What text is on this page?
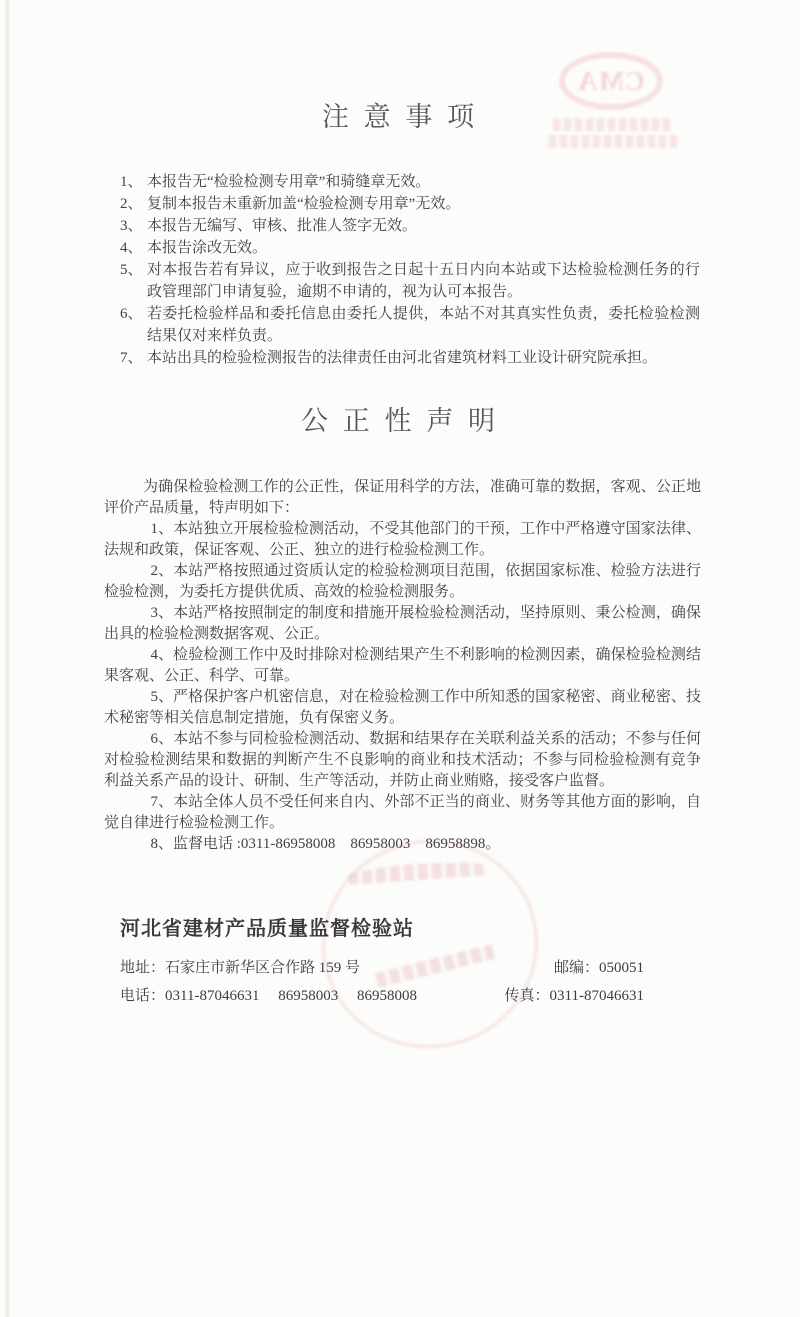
CMA
注 意 事 项
1、 本报告无“检验检测专用章”和骑缝章无效。
2、 复制本报告未重新加盖“检验检测专用章”无效。
3、 本报告无编写、审核、批准人签字无效。
4、 本报告涂改无效。
5、 对本报告若有异议，应于收到报告之日起十五日内向本站或下达检验检测任务的行政管理部门申请复验，逾期不申请的，视为认可本报告。
6、 若委托检验样品和委托信息由委托人提供，本站不对其真实性负责，委托检验检测结果仅对来样负责。
7、 本站出具的检验检测报告的法律责任由河北省建筑材料工业设计研究院承担。
公 正 性 声 明

为确保检验检测工作的公正性，保证用科学的方法，准确可靠的数据，客观、公正地评价产品质量，特声明如下：

1、本站独立开展检验检测活动，不受其他部门的干预，工作中严格遵守国家法律、法规和政策，保证客观、公正、独立的进行检验检测工作。

2、本站严格按照通过资质认定的检验检测项目范围，依据国家标准、检验方法进行检验检测，为委托方提供优质、高效的检验检测服务。

3、本站严格按照制定的制度和措施开展检验检测活动，坚持原则、秉公检测，确保出具的检验检测数据客观、公正。

4、检验检测工作中及时排除对检测结果产生不利影响的检测因素，确保检验检测结果客观、公正、科学、可靠。

5、严格保护客户机密信息，对在检验检测工作中所知悉的国家秘密、商业秘密、技术秘密等相关信息制定措施，负有保密义务。

6、本站不参与同检验检测活动、数据和结果存在关联利益关系的活动；不参与任何对检验检测结果和数据的判断产生不良影响的商业和技术活动；不参与同检验检测有竞争利益关系产品的设计、研制、生产等活动，并防止商业贿赂，接受客户监督。

7、本站全体人员不受任何来自内、外部不正当的商业、财务等其他方面的影响，自觉自律进行检验检测工作。

8、监督电话 :0311-86958008    86958003    86958898。

河北省建材产品质量监督检验站
地址：石家庄市新华区合作路 159 号	邮编：050051
电话：0311-87046631     86958003     86958008	传真：0311-87046631
